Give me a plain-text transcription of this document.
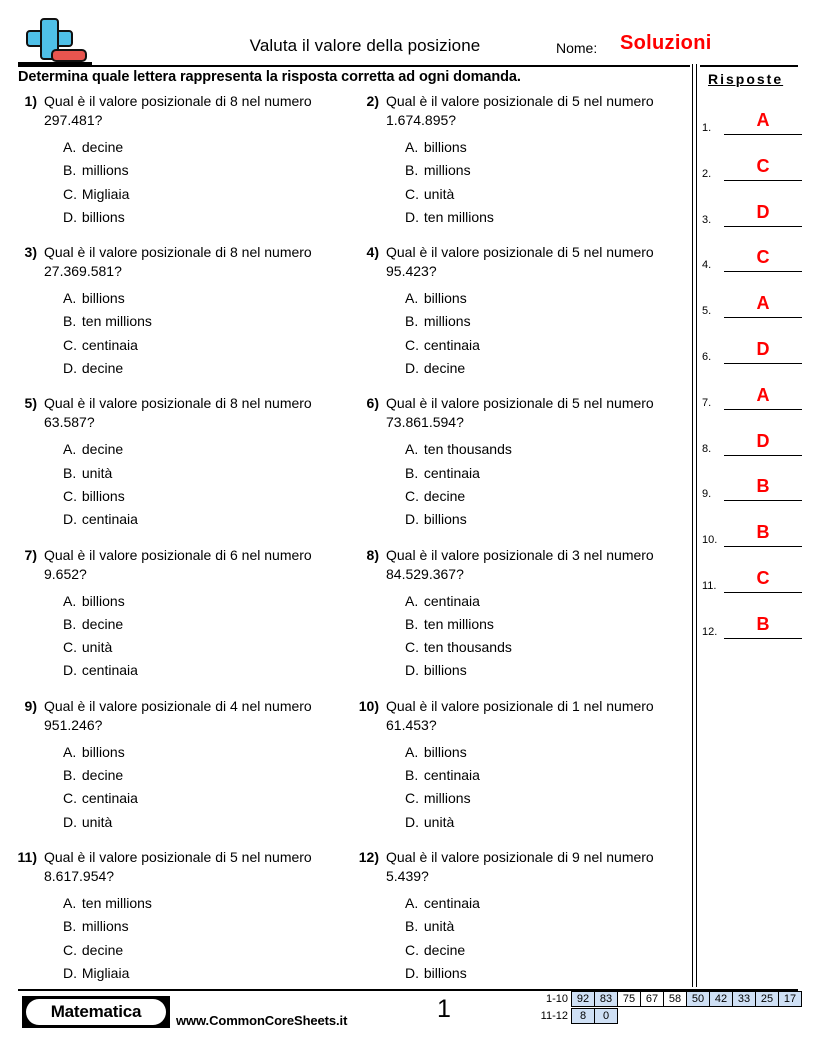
Valuta il valore della posizione	Nome: Soluzioni
Determina quale lettera rappresenta la risposta corretta ad ogni domanda.
1) Qual è il valore posizionale di 8 nel numero 297.481?
A. decine
B. millions
C. Migliaia
D. billions
3) Qual è il valore posizionale di 8 nel numero 27.369.581?
A. billions
B. ten millions
C. centinaia
D. decine
5) Qual è il valore posizionale di 8 nel numero 63.587?
A. decine
B. unità
C. billions
D. centinaia
7) Qual è il valore posizionale di 6 nel numero 9.652?
A. billions
B. decine
C. unità
D. centinaia
9) Qual è il valore posizionale di 4 nel numero 951.246?
A. billions
B. decine
C. centinaia
D. unità
11) Qual è il valore posizionale di 5 nel numero 8.617.954?
A. ten millions
B. millions
C. decine
D. Migliaia
2) Qual è il valore posizionale di 5 nel numero 1.674.895?
A. billions
B. millions
C. unità
D. ten millions
4) Qual è il valore posizionale di 5 nel numero 95.423?
A. billions
B. millions
C. centinaia
D. decine
6) Qual è il valore posizionale di 5 nel numero 73.861.594?
A. ten thousands
B. centinaia
C. decine
D. billions
8) Qual è il valore posizionale di 3 nel numero 84.529.367?
A. centinaia
B. ten millions
C. ten thousands
D. billions
10) Qual è il valore posizionale di 1 nel numero 61.453?
A. billions
B. centinaia
C. millions
D. unità
12) Qual è il valore posizionale di 9 nel numero 5.439?
A. centinaia
B. unità
C. decine
D. billions
Risposte
1.	A
2.	C
3.	D
4.	C
5.	A
6.	D
7.	A
8.	D
9.	B
10.	B
11.	C
12.	B
Matematica	www.CommonCoreSheets.it	1	1-10 92 83 75 67 58 50 42 33 25 17
11-12	8	0
